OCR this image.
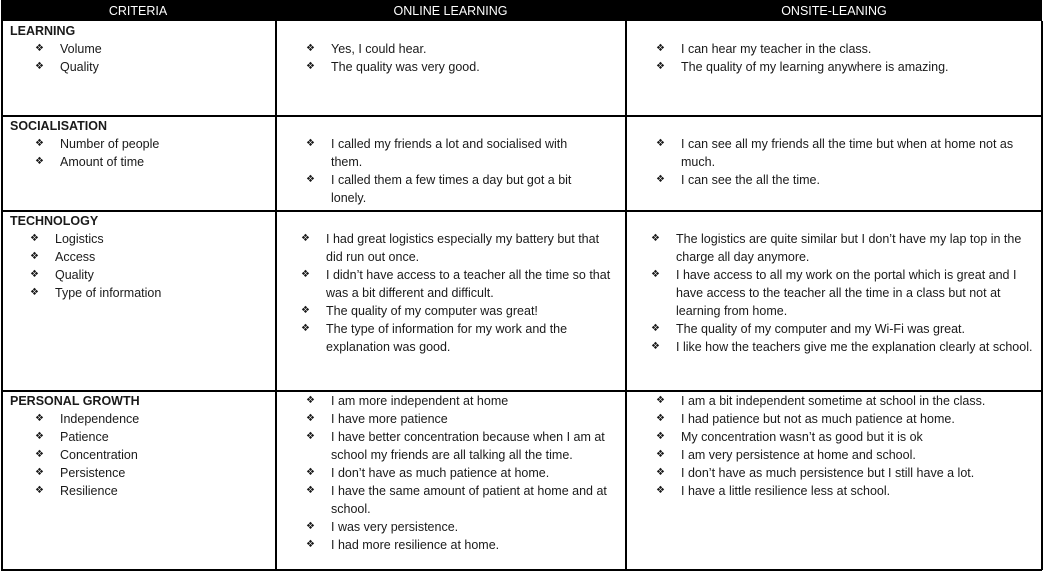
CRITERIA	ONLINE LEARNING	ONSITE-LEANING
LEARNING
❖ Volume
❖ Quality
❖ Yes, I could hear.
❖ The quality was very good.
❖ I can hear my teacher in the class.
❖ The quality of my learning anywhere is amazing.
SOCIALISATION
❖ Number of people
❖ Amount of time
❖ I called my friends a lot and socialised with them.
❖ I called them a few times a day but got a bit lonely.
❖ I can see all my friends all the time but when at home not as much.
❖ I can see the all the time.
TECHNOLOGY
❖ Logistics
❖ Access
❖ Quality
❖ Type of information
❖ I had great logistics especially my battery but that did run out once.
❖ I didn’t have access to a teacher all the time so that was a bit different and difficult.
❖ The quality of my computer was great!
❖ The type of information for my work and the explanation was good.
❖ The logistics are quite similar but I don’t have my lap top in the charge all day anymore.
❖ I have access to all my work on the portal which is great and I have access to the teacher all the time in a class but not at learning from home.
❖ The quality of my computer and my Wi-Fi was great.
❖ I like how the teachers give me the explanation clearly at school.
PERSONAL GROWTH
❖ Independence
❖ Patience
❖ Concentration
❖ Persistence
❖ Resilience
❖ I am more independent at home
❖ I have more patience
❖ I have better concentration because when I am at school my friends are all talking all the time.
❖ I don’t have as much patience at home.
❖ I have the same amount of patient at home and at school.
❖ I was very persistence.
❖ I had more resilience at home.
❖ I am a bit independent sometime at school in the class.
❖ I had patience but not as much patience at home.
❖ My concentration wasn’t as good but it is ok
❖ I am very persistence at home and school.
❖ I don’t have as much persistence but I still have a lot.
❖ I have a little resilience less at school.
